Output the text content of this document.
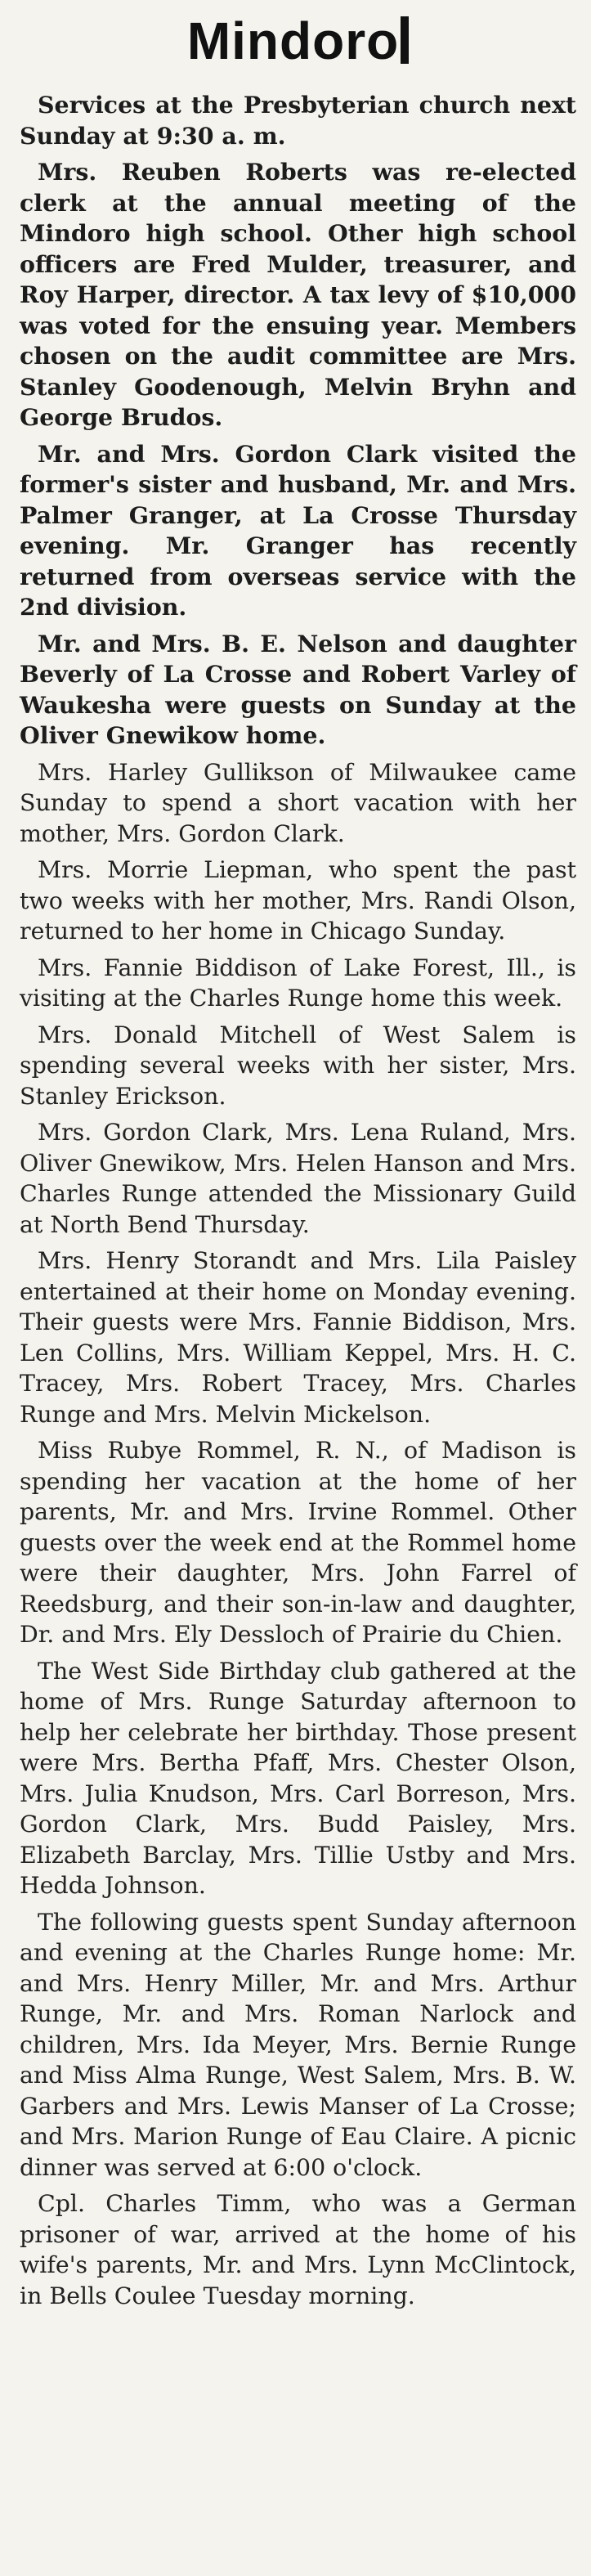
Mindoro

Services at the Presbyterian church next Sunday at 9:30 a. m.

Mrs. Reuben Roberts was re-elected clerk at the annual meeting of the Mindoro high school. Other high school officers are Fred Mulder, treasurer, and Roy Harper, director. A tax levy of $10,000 was voted for the ensuing year. Members chosen on the audit committee are Mrs. Stanley Goodenough, Melvin Bryhn and George Brudos.

Mr. and Mrs. Gordon Clark visited the former's sister and husband, Mr. and Mrs. Palmer Granger, at La Crosse Thursday evening. Mr. Granger has recently returned from overseas service with the 2nd division.

Mr. and Mrs. B. E. Nelson and daughter Beverly of La Crosse and Robert Varley of Waukesha were guests on Sunday at the Oliver Gnewikow home.

Mrs. Harley Gullikson of Milwaukee came Sunday to spend a short vacation with her mother, Mrs. Gordon Clark.

Mrs. Morrie Liepman, who spent the past two weeks with her mother, Mrs. Randi Olson, returned to her home in Chicago Sunday.

Mrs. Fannie Biddison of Lake Forest, Ill., is visiting at the Charles Runge home this week.

Mrs. Donald Mitchell of West Salem is spending several weeks with her sister, Mrs. Stanley Erickson.

Mrs. Gordon Clark, Mrs. Lena Ruland, Mrs. Oliver Gnewikow, Mrs. Helen Hanson and Mrs. Charles Runge attended the Missionary Guild at North Bend Thursday.

Mrs. Henry Storandt and Mrs. Lila Paisley entertained at their home on Monday evening. Their guests were Mrs. Fannie Biddison, Mrs. Len Collins, Mrs. William Keppel, Mrs. H. C. Tracey, Mrs. Robert Tracey, Mrs. Charles Runge and Mrs. Melvin Mickelson.

Miss Rubye Rommel, R. N., of Madison is spending her vacation at the home of her parents, Mr. and Mrs. Irvine Rommel. Other guests over the week end at the Rommel home were their daughter, Mrs. John Farrel of Reedsburg, and their son-in-law and daughter, Dr. and Mrs. Ely Dessloch of Prairie du Chien.

The West Side Birthday club gathered at the home of Mrs. Runge Saturday afternoon to help her celebrate her birthday. Those present were Mrs. Bertha Pfaff, Mrs. Chester Olson, Mrs. Julia Knudson, Mrs. Carl Borreson, Mrs. Gordon Clark, Mrs. Budd Paisley, Mrs. Elizabeth Barclay, Mrs. Tillie Ustby and Mrs. Hedda Johnson.

The following guests spent Sunday afternoon and evening at the Charles Runge home: Mr. and Mrs. Henry Miller, Mr. and Mrs. Arthur Runge, Mr. and Mrs. Roman Narlock and children, Mrs. Ida Meyer, Mrs. Bernie Runge and Miss Alma Runge, West Salem, Mrs. B. W. Garbers and Mrs. Lewis Manser of La Crosse; and Mrs. Marion Runge of Eau Claire. A picnic dinner was served at 6:00 o'clock.

Cpl. Charles Timm, who was a German prisoner of war, arrived at the home of his wife's parents, Mr. and Mrs. Lynn McClintock, in Bells Coulee Tuesday morning.
